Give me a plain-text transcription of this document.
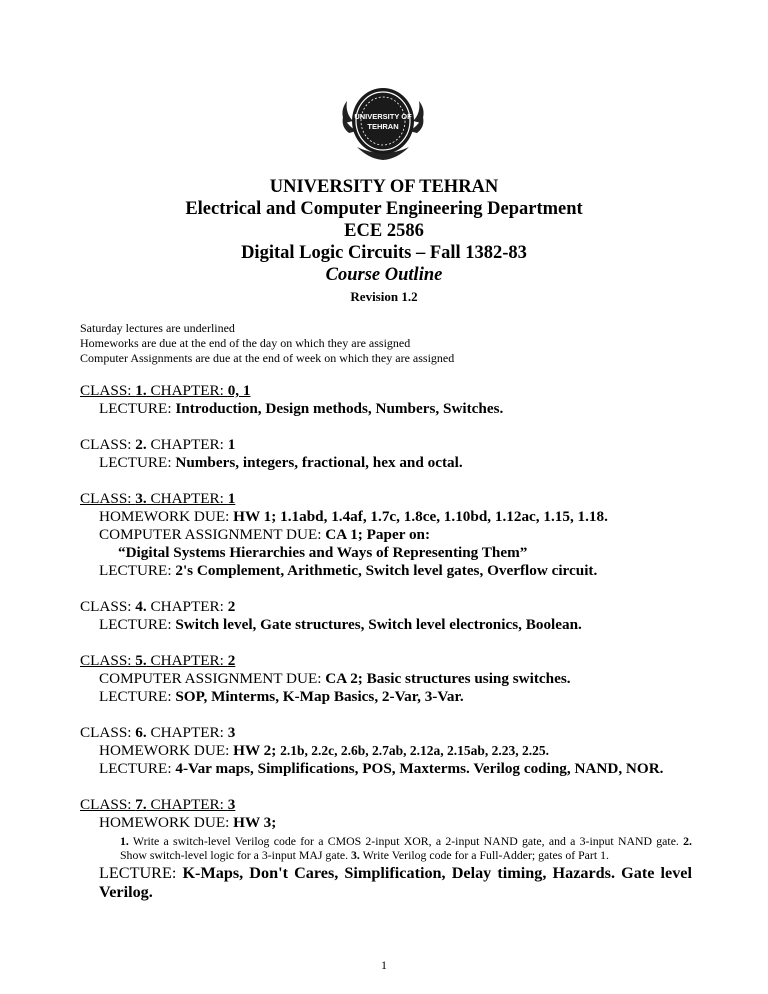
UNIVERSITY OF
TEHRAN
UNIVERSITY OF TEHRAN
Electrical and Computer Engineering Department
ECE 2586
Digital Logic Circuits – Fall 1382-83
Course Outline
Revision 1.2
Saturday lectures are underlined
Homeworks are due at the end of the day on which they are assigned
Computer Assignments are due at the end of week on which they are assigned
CLASS: 1. CHAPTER: 0, 1
LECTURE: Introduction, Design methods, Numbers, Switches.
CLASS: 2. CHAPTER: 1
LECTURE: Numbers, integers, fractional, hex and octal.
CLASS: 3. CHAPTER: 1
HOMEWORK DUE: HW 1; 1.1abd, 1.4af, 1.7c, 1.8ce, 1.10bd, 1.12ac, 1.15, 1.18.
COMPUTER ASSIGNMENT DUE: CA 1; Paper on:
“Digital Systems Hierarchies and Ways of Representing Them”
LECTURE: 2's Complement, Arithmetic, Switch level gates, Overflow circuit.
CLASS: 4. CHAPTER: 2
LECTURE: Switch level, Gate structures, Switch level electronics, Boolean.
CLASS: 5. CHAPTER: 2
COMPUTER ASSIGNMENT DUE: CA 2; Basic structures using switches.
LECTURE: SOP, Minterms, K-Map Basics, 2-Var, 3-Var.
CLASS: 6. CHAPTER: 3
HOMEWORK DUE: HW 2; 2.1b, 2.2c, 2.6b, 2.7ab, 2.12a, 2.15ab, 2.23, 2.25.
LECTURE: 4-Var maps, Simplifications, POS, Maxterms. Verilog coding, NAND, NOR.
CLASS: 7. CHAPTER: 3
HOMEWORK DUE: HW 3;
1. Write a switch-level Verilog code for a CMOS 2-input XOR, a 2-input NAND gate, and a 3-input NAND gate. 2. Show switch-level logic for a 3-input MAJ gate. 3. Write Verilog code for a Full-Adder; gates of Part 1.
LECTURE: K-Maps, Don't Cares, Simplification, Delay timing, Hazards. Gate level Verilog.
1
